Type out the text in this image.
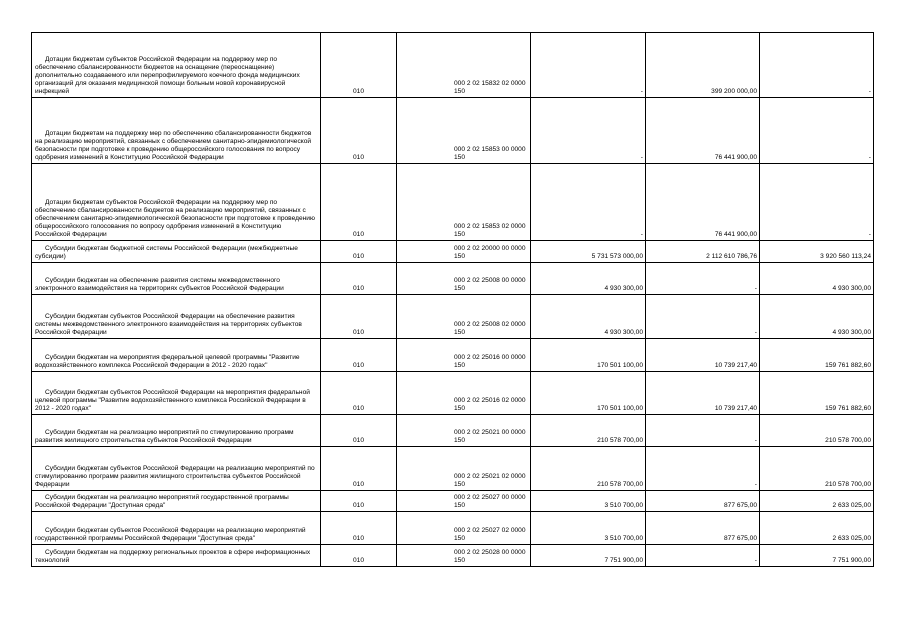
Дотации бюджетам субъектов Российской Федерации на поддержку мер по обеспечению сбалансированности бюджетов на оснащение (переоснащение) дополнительно создаваемого или перепрофилируемого коечного фонда медицинских организаций для оказания медицинской помощи больным новой коронавирусной инфекцией	010	000 2 02 15832 02 0000 150	-	399 200 000,00	-
Дотации бюджетам на поддержку мер по обеспечению сбалансированности бюджетов на реализацию мероприятий, связанных с обеспечением санитарно-эпидемиологической безопасности при подготовке к проведению общероссийского голосования по вопросу одобрения изменений в Конституцию Российской Федерации	010	000 2 02 15853 00 0000 150	-	76 441 900,00	-
Дотации бюджетам субъектов Российской Федерации на поддержку мер по обеспечению сбалансированности бюджетов на реализацию мероприятий, связанных с обеспечением санитарно-эпидемиологической безопасности при подготовке к проведению общероссийского голосования по вопросу одобрения изменений в Конституцию Российской Федерации	010	000 2 02 15853 02 0000 150	-	76 441 900,00	-
Субсидии бюджетам бюджетной системы Российской Федерации (межбюджетные субсидии)	010	000 2 02 20000 00 0000 150	5 731 573 000,00	2 112 610 786,76	3 920 560 113,24
Субсидии бюджетам на обеспечение развития системы межведомственного электронного взаимодействия на территориях субъектов Российской Федерации	010	000 2 02 25008 00 0000 150	4 930 300,00	-	4 930 300,00
Субсидии бюджетам субъектов Российской Федерации на обеспечение развития системы межведомственного электронного взаимодействия на территориях субъектов Российской Федерации	010	000 2 02 25008 02 0000 150	4 930 300,00	-	4 930 300,00
Субсидии бюджетам на мероприятия федеральной целевой программы "Развитие водохозяйственного комплекса Российской Федерации в 2012 - 2020 годах"	010	000 2 02 25016 00 0000 150	170 501 100,00	10 739 217,40	159 761 882,60
Субсидии бюджетам субъектов Российской Федерации на мероприятия федеральной целевой программы "Развитие водохозяйственного комплекса Российской Федерации в 2012 - 2020 годах"	010	000 2 02 25016 02 0000 150	170 501 100,00	10 739 217,40	159 761 882,60
Субсидии бюджетам на реализацию мероприятий по стимулированию программ развития жилищного строительства субъектов Российской Федерации	010	000 2 02 25021 00 0000 150	210 578 700,00	-	210 578 700,00
Субсидии бюджетам субъектов Российской Федерации на реализацию мероприятий по стимулированию программ развития жилищного строительства субъектов Российской Федерации	010	000 2 02 25021 02 0000 150	210 578 700,00	-	210 578 700,00
Субсидии бюджетам на реализацию мероприятий государственной программы Российской Федерации "Доступная среда"	010	000 2 02 25027 00 0000 150	3 510 700,00	877 675,00	2 633 025,00
Субсидии бюджетам субъектов Российской Федерации на реализацию мероприятий государственной программы Российской Федерации "Доступная среда"	010	000 2 02 25027 02 0000 150	3 510 700,00	877 675,00	2 633 025,00
Субсидии бюджетам на поддержку региональных проектов в сфере информационных технологий	010	000 2 02 25028 00 0000 150	7 751 900,00	-	7 751 900,00
